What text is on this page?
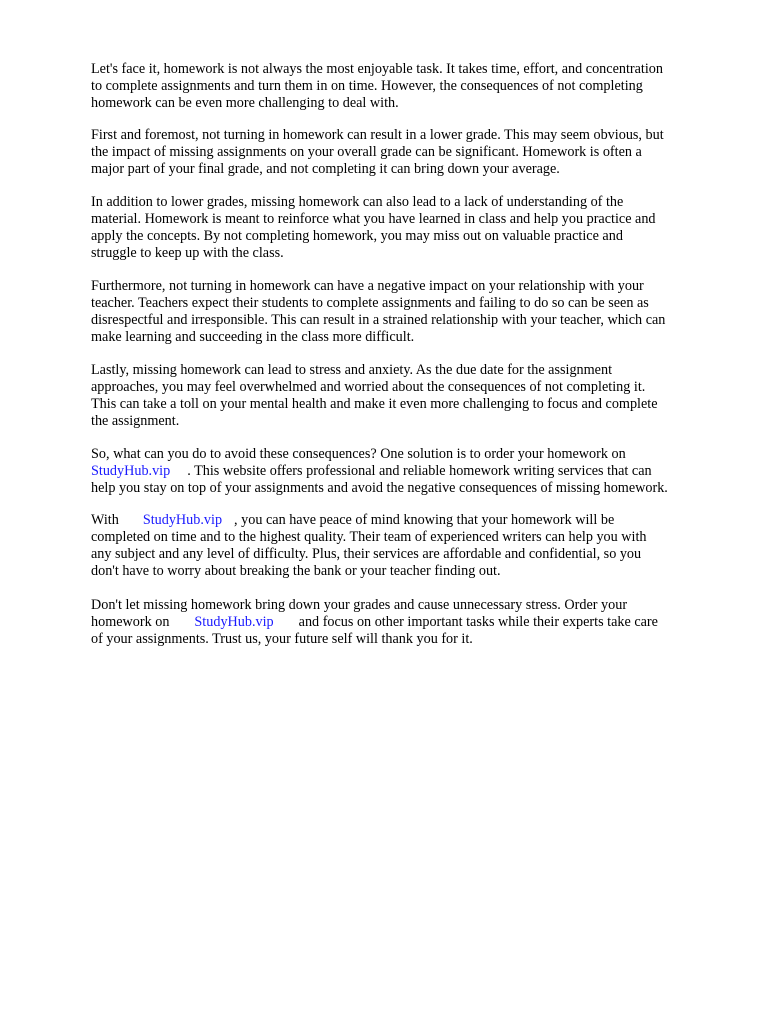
Let's face it, homework is not always the most enjoyable task. It takes time, effort, and concentration
to complete assignments and turn them in on time. However, the consequences of not completing
homework can be even more challenging to deal with.

First and foremost, not turning in homework can result in a lower grade. This may seem obvious, but
the impact of missing assignments on your overall grade can be significant. Homework is often a
major part of your final grade, and not completing it can bring down your average.

In addition to lower grades, missing homework can also lead to a lack of understanding of the
material. Homework is meant to reinforce what you have learned in class and help you practice and
apply the concepts. By not completing homework, you may miss out on valuable practice and
struggle to keep up with the class.

Furthermore, not turning in homework can have a negative impact on your relationship with your
teacher. Teachers expect their students to complete assignments and failing to do so can be seen as
disrespectful and irresponsible. This can result in a strained relationship with your teacher, which can
make learning and succeeding in the class more difficult.

Lastly, missing homework can lead to stress and anxiety. As the due date for the assignment
approaches, you may feel overwhelmed and worried about the consequences of not completing it.
This can take a toll on your mental health and make it even more challenging to focus and complete
the assignment.

So, what can you do to avoid these consequences? One solution is to order your homework on
StudyHub.vip . This website offers professional and reliable homework writing services that can
help you stay on top of your assignments and avoid the negative consequences of missing homework.

With StudyHub.vip , you can have peace of mind knowing that your homework will be
completed on time and to the highest quality. Their team of experienced writers can help you with
any subject and any level of difficulty. Plus, their services are affordable and confidential, so you
don't have to worry about breaking the bank or your teacher finding out.

Don't let missing homework bring down your grades and cause unnecessary stress. Order your
homework on StudyHub.vip and focus on other important tasks while their experts take care
of your assignments. Trust us, your future self will thank you for it.
